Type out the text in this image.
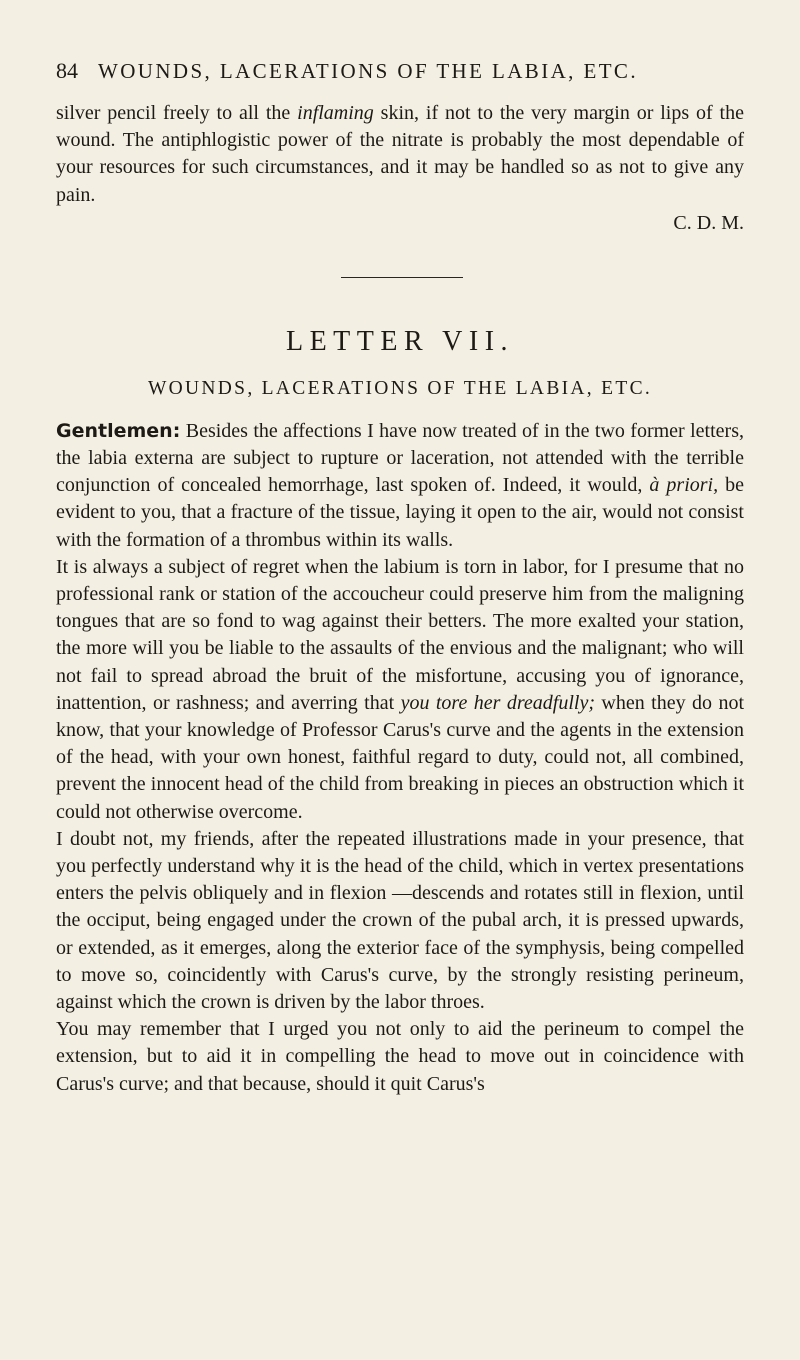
84 WOUNDS, LACERATIONS OF THE LABIA, ETC.

silver pencil freely to all the inflaming skin, if not to the very margin or lips of the wound. The antiphlogistic power of the nitrate is probably the most dependable of your resources for such circumstances, and it may be handled so as not to give any pain.

C. D. M.
LETTER VII.
WOUNDS, LACERATIONS OF THE LABIA, ETC.

Gentlemen: Besides the affections I have now treated of in the two former letters, the labia externa are subject to rupture or laceration, not attended with the terrible conjunction of concealed hemorrhage, last spoken of. Indeed, it would, à priori, be evident to you, that a fracture of the tissue, laying it open to the air, would not consist with the formation of a thrombus within its walls.

It is always a subject of regret when the labium is torn in labor, for I presume that no professional rank or station of the accoucheur could preserve him from the maligning tongues that are so fond to wag against their betters. The more exalted your station, the more will you be liable to the assaults of the envious and the malignant; who will not fail to spread abroad the bruit of the misfortune, accusing you of ignorance, inattention, or rashness; and averring that you tore her dreadfully; when they do not know, that your knowledge of Professor Carus's curve and the agents in the extension of the head, with your own honest, faithful regard to duty, could not, all combined, prevent the innocent head of the child from breaking in pieces an obstruction which it could not otherwise overcome.

I doubt not, my friends, after the repeated illustrations made in your presence, that you perfectly understand why it is the head of the child, which in vertex presentations enters the pelvis obliquely and in flexion —descends and rotates still in flexion, until the occiput, being engaged under the crown of the pubal arch, it is pressed upwards, or extended, as it emerges, along the exterior face of the symphysis, being compelled to move so, coincidently with Carus's curve, by the strongly resisting perineum, against which the crown is driven by the labor throes.

You may remember that I urged you not only to aid the perineum to compel the extension, but to aid it in compelling the head to move out in coincidence with Carus's curve; and that because, should it quit Carus's
